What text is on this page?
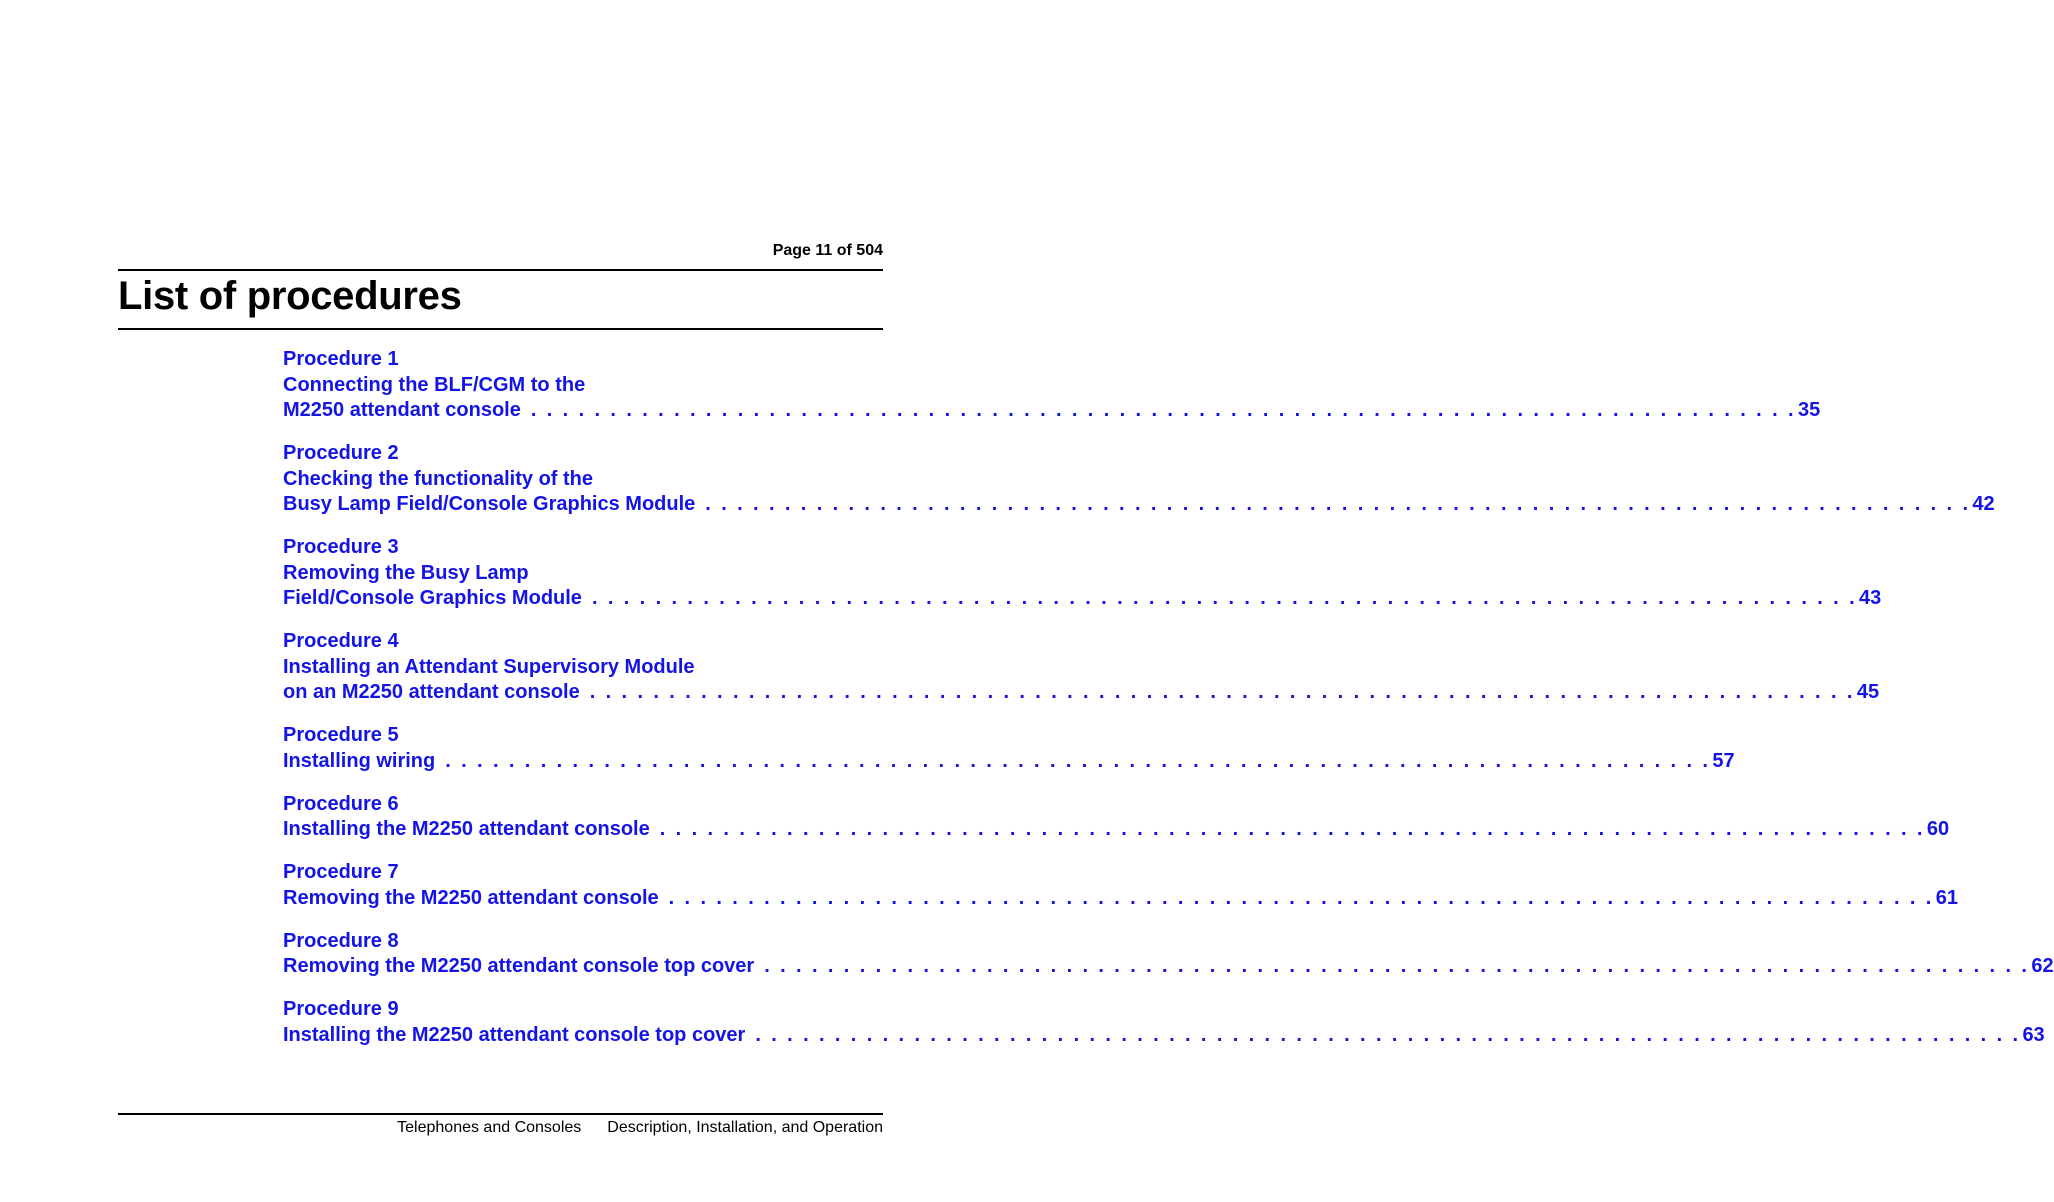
Page 11 of 504
List of procedures
Procedure 1
Connecting the BLF/CGM to the
M2250 attendant console . . . . . . . . . . . . . . . . . . . . . . . . . . . . . . . . . . . . . . . . . . . . . . . . . . . . . . . . . . . . . . . . . . . . . . . . . . . . . . . . 35
Procedure 2
Checking the functionality of the
Busy Lamp Field/Console Graphics Module . . . . . . . . . . . . . . . . . . . . . . . . . . . . . . . . . . . . . . . . . . . . . . . . . . . . . . . . . . . . . . . . . . . . . . . . . . . . . . . . 42
Procedure 3
Removing the Busy Lamp
Field/Console Graphics Module . . . . . . . . . . . . . . . . . . . . . . . . . . . . . . . . . . . . . . . . . . . . . . . . . . . . . . . . . . . . . . . . . . . . . . . . . . . . . . . . 43
Procedure 4
Installing an Attendant Supervisory Module
on an M2250 attendant console . . . . . . . . . . . . . . . . . . . . . . . . . . . . . . . . . . . . . . . . . . . . . . . . . . . . . . . . . . . . . . . . . . . . . . . . . . . . . . . . 45
Procedure 5
Installing wiring . . . . . . . . . . . . . . . . . . . . . . . . . . . . . . . . . . . . . . . . . . . . . . . . . . . . . . . . . . . . . . . . . . . . . . . . . . . . . . . . 57
Procedure 6
Installing the M2250 attendant console . . . . . . . . . . . . . . . . . . . . . . . . . . . . . . . . . . . . . . . . . . . . . . . . . . . . . . . . . . . . . . . . . . . . . . . . . . . . . . . . 60
Procedure 7
Removing the M2250 attendant console . . . . . . . . . . . . . . . . . . . . . . . . . . . . . . . . . . . . . . . . . . . . . . . . . . . . . . . . . . . . . . . . . . . . . . . . . . . . . . . . 61
Procedure 8
Removing the M2250 attendant console top cover . . . . . . . . . . . . . . . . . . . . . . . . . . . . . . . . . . . . . . . . . . . . . . . . . . . . . . . . . . . . . . . . . . . . . . . . . . . . . . . . 62
Procedure 9
Installing the M2250 attendant console top cover . . . . . . . . . . . . . . . . . . . . . . . . . . . . . . . . . . . . . . . . . . . . . . . . . . . . . . . . . . . . . . . . . . . . . . . . . . . . . . . . 63
Telephones and Consoles Description, Installation, and Operation
